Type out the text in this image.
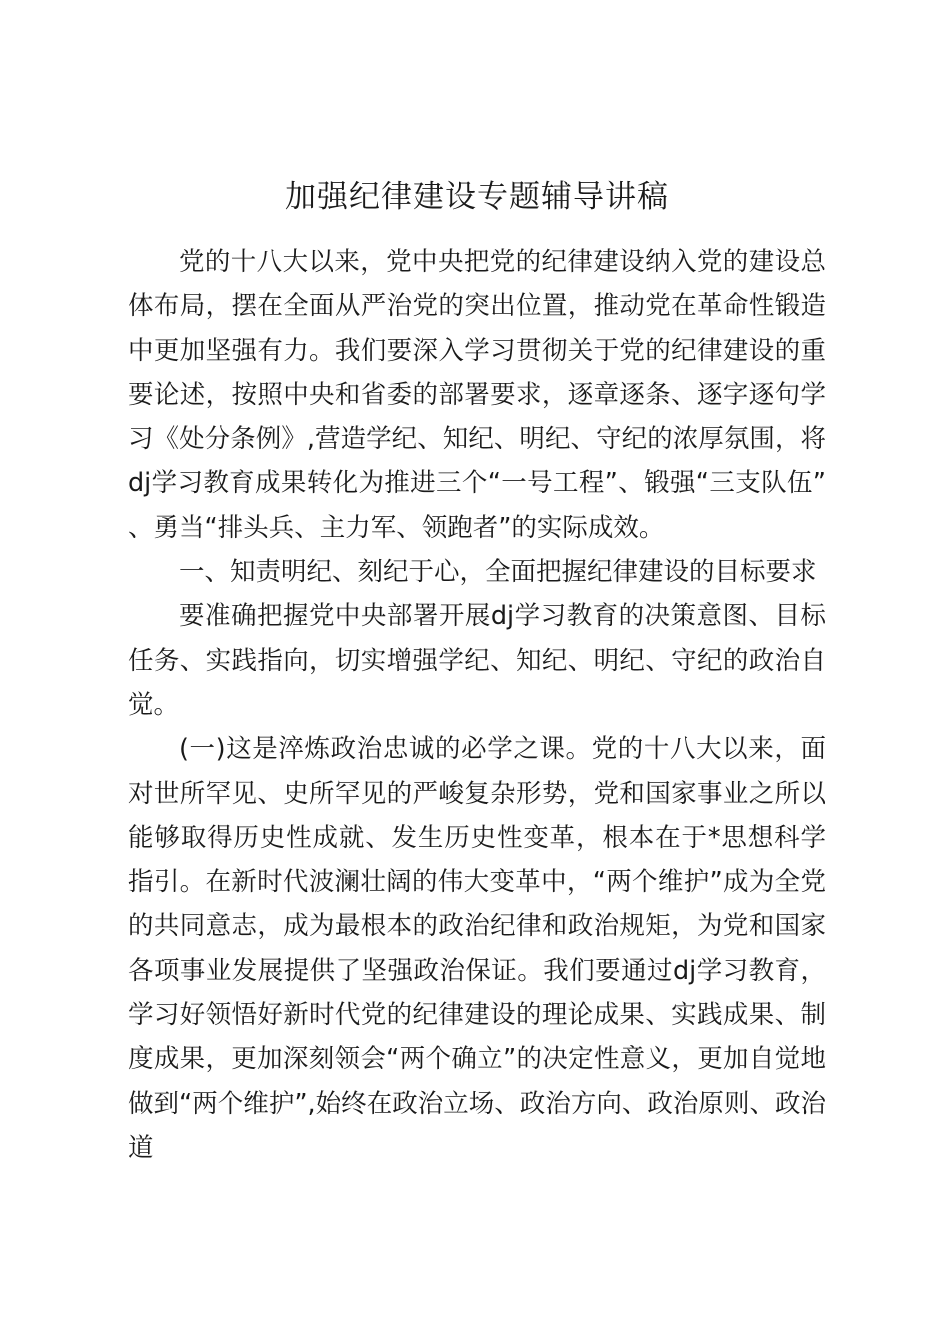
加强纪律建设专题辅导讲稿

党的十八大以来，党中央把党的纪律建设纳入党的建设总体布局，摆在全面从严治党的突出位置，推动党在革命性锻造中更加坚强有力。我们要深入学习贯彻关于党的纪律建设的重要论述，按照中央和省委的部署要求，逐章逐条、逐字逐句学习《处分条例》,营造学纪、知纪、明纪、守纪的浓厚氛围，将dj学习教育成果转化为推进三个“一号工程”、锻强“三支队伍”、勇当“排头兵、主力军、领跑者”的实际成效。

一、知责明纪、刻纪于心，全面把握纪律建设的目标要求

要准确把握党中央部署开展dj学习教育的决策意图、目标任务、实践指向，切实增强学纪、知纪、明纪、守纪的政治自觉。

(一)这是淬炼政治忠诚的必学之课。党的十八大以来，面对世所罕见、史所罕见的严峻复杂形势，党和国家事业之所以能够取得历史性成就、发生历史性变革，根本在于*思想科学指引。在新时代波澜壮阔的伟大变革中，“两个维护”成为全党的共同意志，成为最根本的政治纪律和政治规矩，为党和国家各项事业发展提供了坚强政治保证。我们要通过dj学习教育，学习好领悟好新时代党的纪律建设的理论成果、实践成果、制度成果，更加深刻领会“两个确立”的决定性意义，更加自觉地做到“两个维护”,始终在政治立场、政治方向、政治原则、政治道
